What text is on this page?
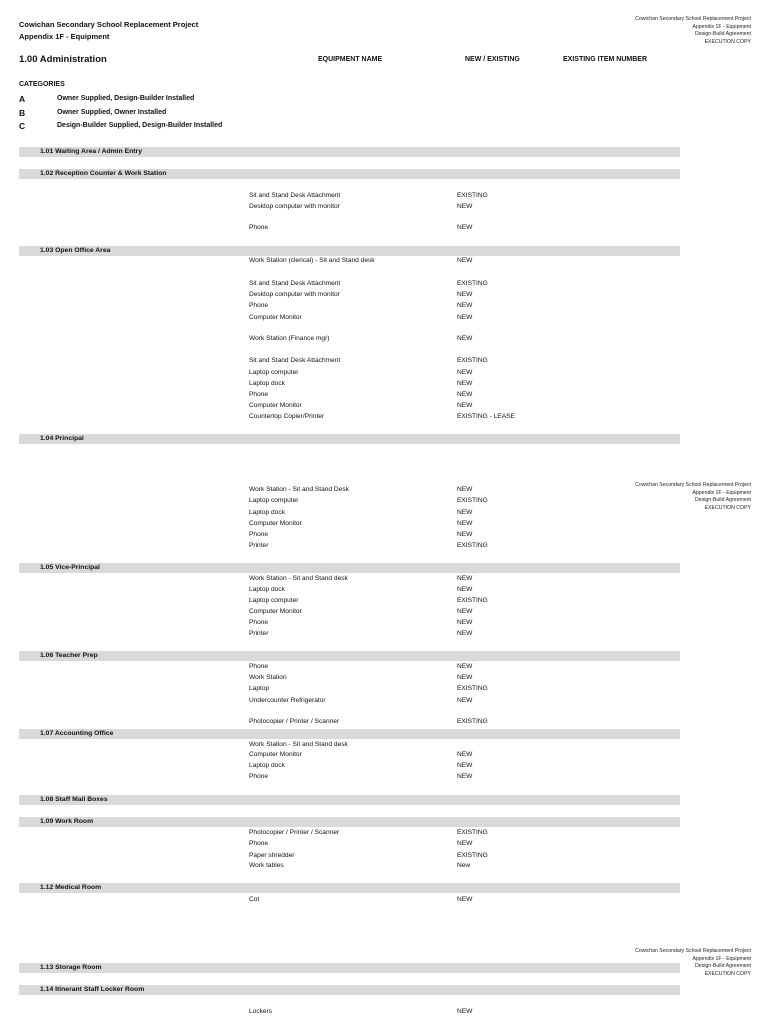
Cowichan Secondary School Replacement Project
Appendix 1F - Equipment
Cowichan Secondary School Replacement Project
Appendix 1F - Equipment
Design-Build Agreement
EXECUTION COPY
Cowichan Secondary School Replacement Project
Appendix 1F - Equipment
Design-Build Agreement
EXECUTION COPY
Cowichan Secondary School Replacement Project
Appendix 1F - Equipment
Design-Build Agreement
EXECUTION COPY
1.00 Administration	EQUIPMENT NAME	NEW / EXISTING	EXISTING ITEM NUMBER
CATEGORIES
A	Owner Supplied, Design-Builder Installed
B	Owner Supplied, Owner Installed
C	Design-Builder Supplied, Design-Builder Installed
1.01 Waiting Area / Admin Entry
1.02 Reception Counter & Work Station
Sit and Stand Desk Attachment	EXISTING
Desktop computer with monitor	NEW
Phone	NEW
1.03 Open Office Area
Work Station (clerical) - Sit and Stand desk	NEW
Sit and Stand Desk Attachment	EXISTING
Desktop computer with monitor	NEW
Phone	NEW
Computer Monitor	NEW
Work Station (Finance mgr)	NEW
Sit and Stand Desk Attachment	EXISTING
Laptop computer	NEW
Laptop dock	NEW
Phone	NEW
Computer Monitor	NEW
Countertop Copier/Printer	EXISTING - LEASE
1.04 Principal
Work Station - Sit and Stand Desk	NEW
Laptop computer	EXISTING
Laptop dock	NEW
Computer Monitor	NEW
Phone	NEW
Printer	EXISTING
1.05 Vice-Principal
Work Station - Sit and Stand desk	NEW
Laptop dock	NEW
Laptop computer	EXISTING
Computer Monitor	NEW
Phone	NEW
Printer	NEW
1.06 Teacher Prep
Phone	NEW
Work Station	NEW
Laptop	EXISTING
Undercounter Refrigerator	NEW
Photocopier / Printer / Scanner	EXISTING
1.07 Accounting Office
Work Station - Sit and Stand desk
Computer Monitor	NEW
Laptop dock	NEW
Phone	NEW
1.08 Staff Mail Boxes
1.09 Work Room
Photocopier / Printer / Scanner	EXISTING
Phone	NEW
Paper shredder	EXISTING
Work tables	New
1.12 Medical Room
Cot	NEW
1.13 Storage Room
1.14 Itinerant Staff Locker Room
Lockers	NEW
